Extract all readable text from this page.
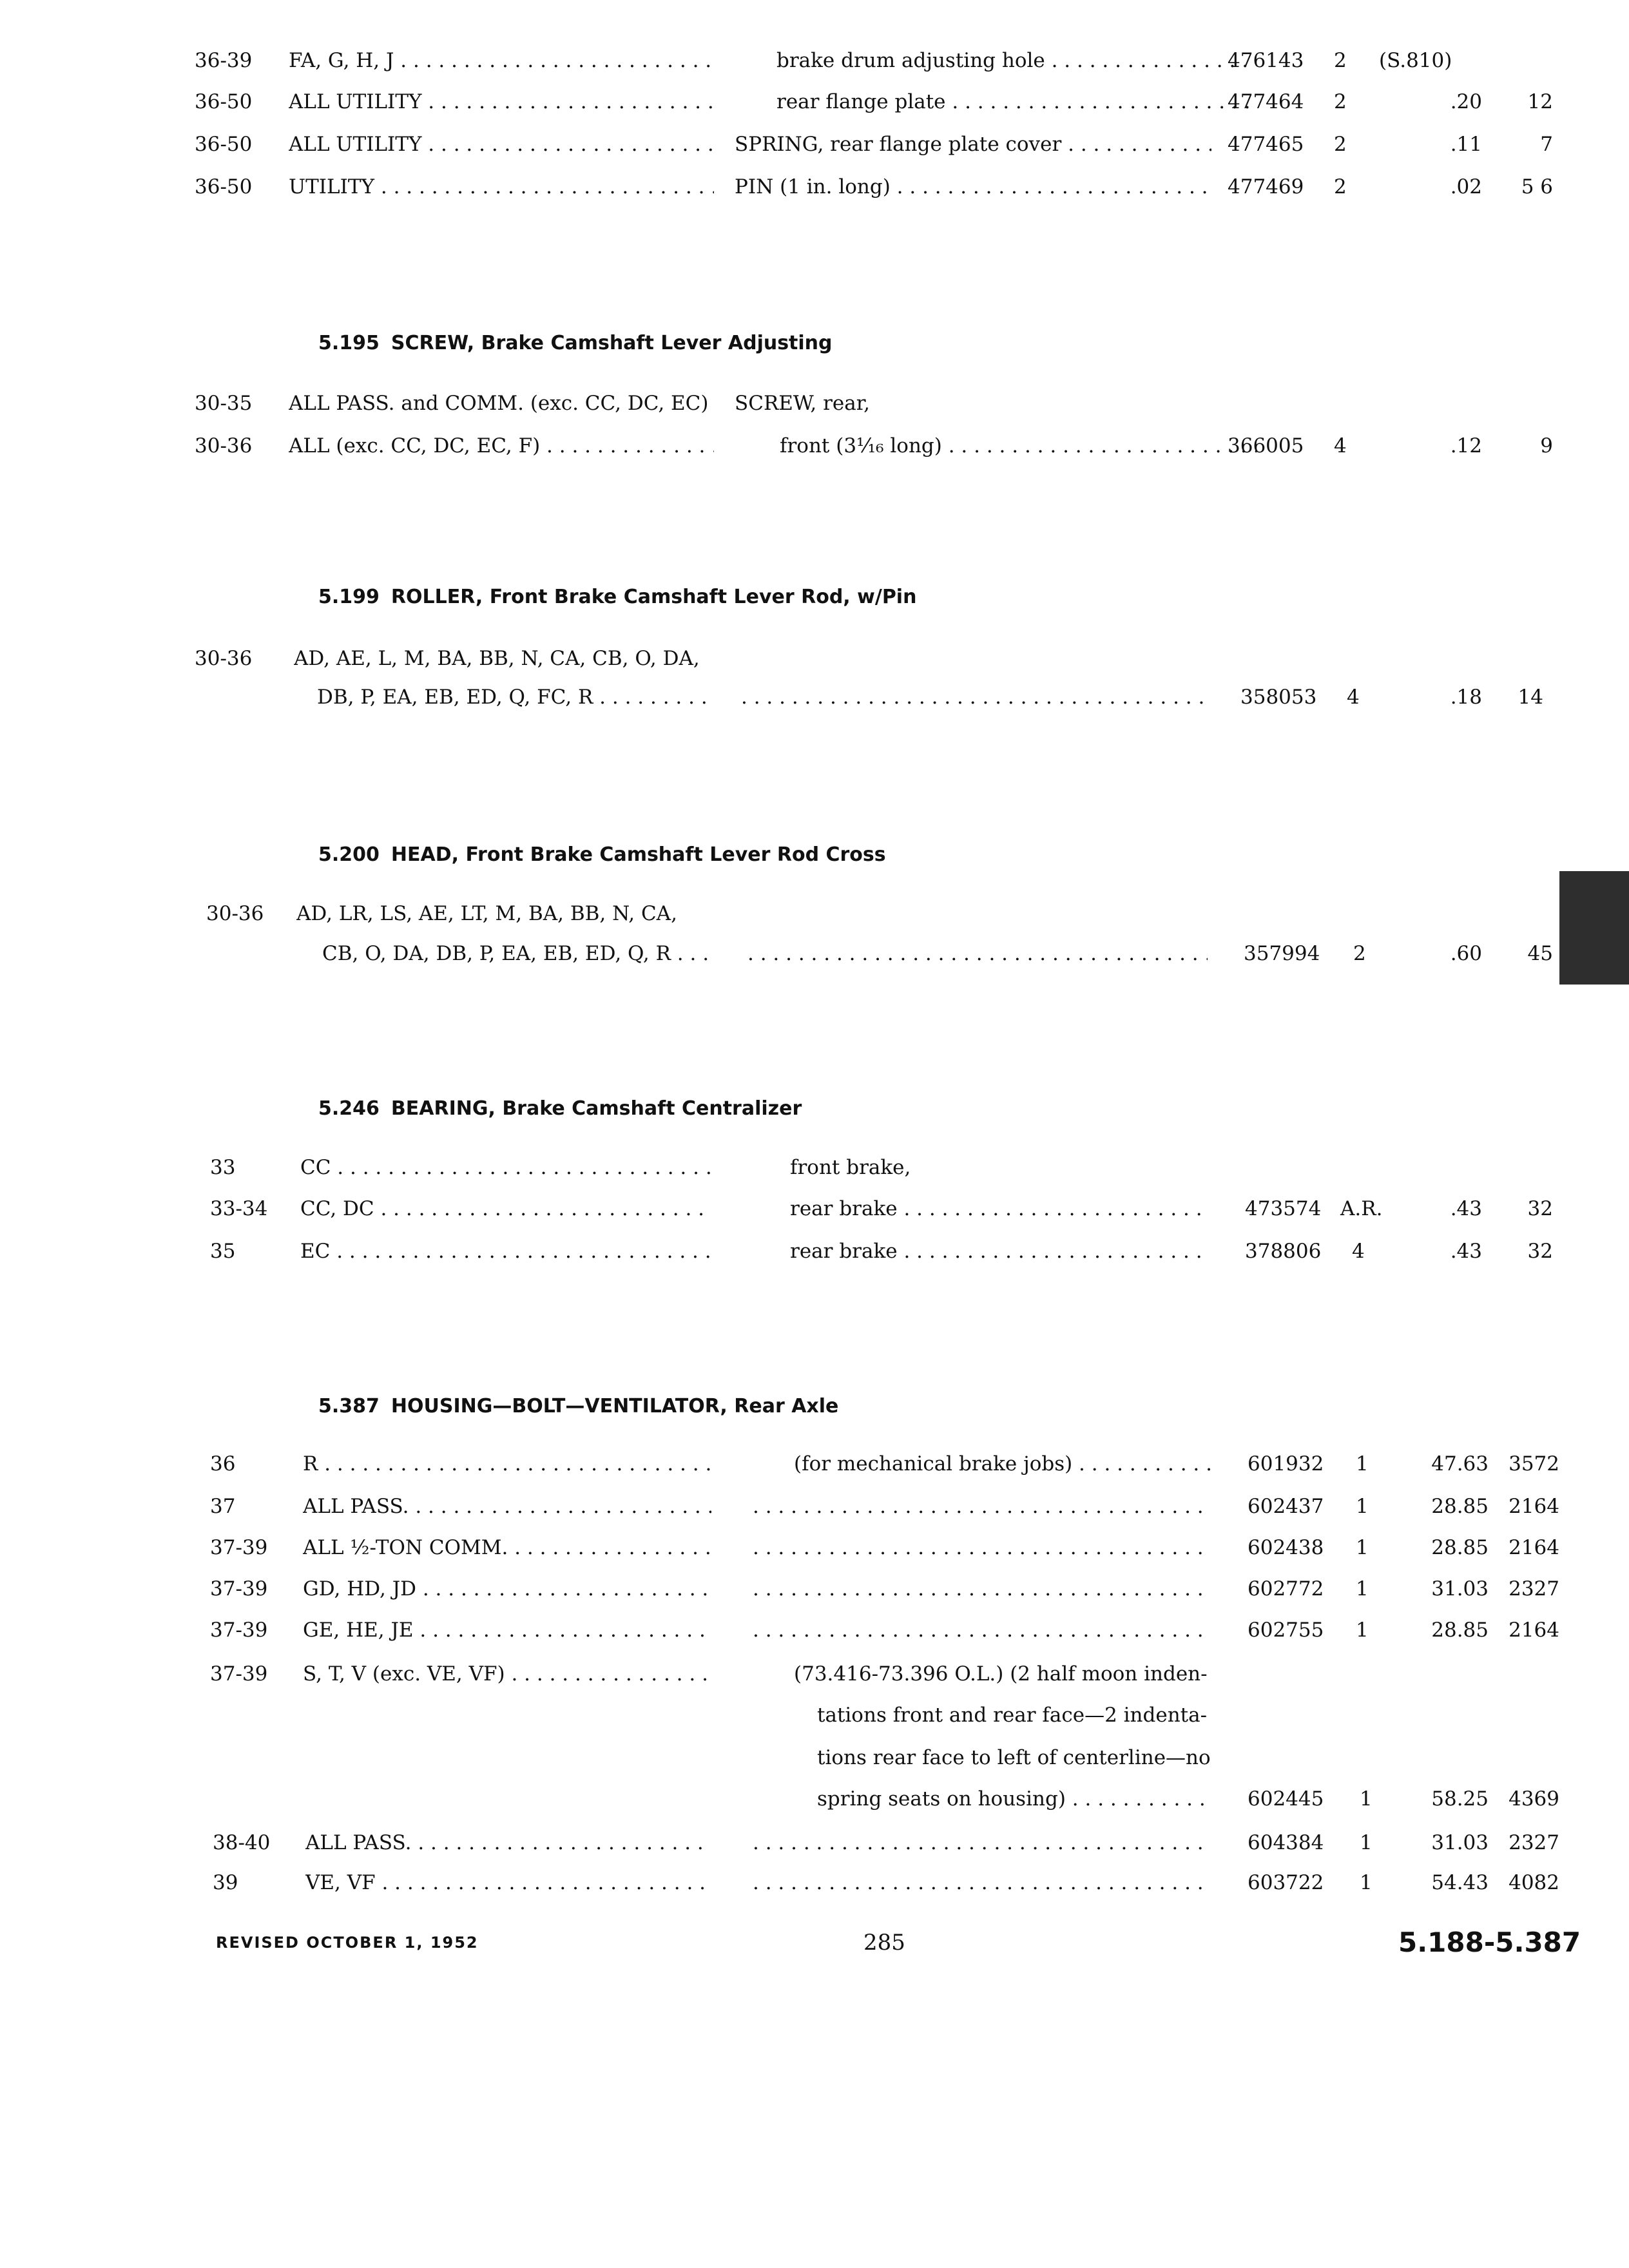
36-39 FA, G, H, J . . .	brake drum adjusting hole . . .	476143	2	(S.810)
36-50 ALL UTILITY . . .	rear flange plate . . .	477464	2	.20	12
36-50 ALL UTILITY . . .	SPRING, rear flange plate cover . . .	477465	2	.11	7
36-50 UTILITY . . .	PIN (1 in. long) . . .	477469	2	.02	5 6
5.195 SCREW, Brake Camshaft Lever Adjusting
30-35 ALL PASS. and COMM. (exc. CC, DC, EC) SCREW, rear,
30-36 ALL (exc. CC, DC, EC, F) . . .	front (3¹⁄₁₆ long) . . .	366005	4	.12	9
5.199 ROLLER, Front Brake Camshaft Lever Rod, w/Pin
30-36 AD, AE, L, M, BA, BB, N, CA, CB, O, DA,
DB, P, EA, EB, ED, Q, FC, R . . . . . .	358053	4	.18	14
5.200 HEAD, Front Brake Camshaft Lever Rod Cross
30-36 AD, LR, LS, AE, LT, M, BA, BB, N, CA,
CB, O, DA, DB, P, EA, EB, ED, Q, R . . . . . .	357994	2	.60	45
5.246 BEARING, Brake Camshaft Centralizer
33	CC . . .	front brake,
33-34 CC, DC . . .	rear brake . . .	473574 A.R.	.43	32
35	EC . . .	rear brake . . .	378806	4	.43	32
5.387 HOUSING—BOLT—VENTILATOR, Rear Axle
36	R . . .	(for mechanical brake jobs) . . .	601932	1	47.63	3572
37	ALL PASS. . . . . . .	602437	1	28.85	2164
37-39 ALL ½-TON COMM. . . . . . .	602438	1	28.85	2164
37-39 GD, HD, JD . . . . . .	602772	1	31.03	2327
37-39 GE, HE, JE . . . . . .	602755	1	28.85	2164
37-39 S, T, V (exc. VE, VF) . . .	(73.416-73.396 O.L.) (2 half moon inden-
tations front and rear face—2 indenta-
tions rear face to left of centerline—no
spring seats on housing) . . .	602445	1	58.25	4369
38-40 ALL PASS. . . . . . .	604384	1	31.03	2327
39	VE, VF . . . . . .	603722	1	54.43	4082
REVISED OCTOBER 1, 1952	285	5.188-5.387
